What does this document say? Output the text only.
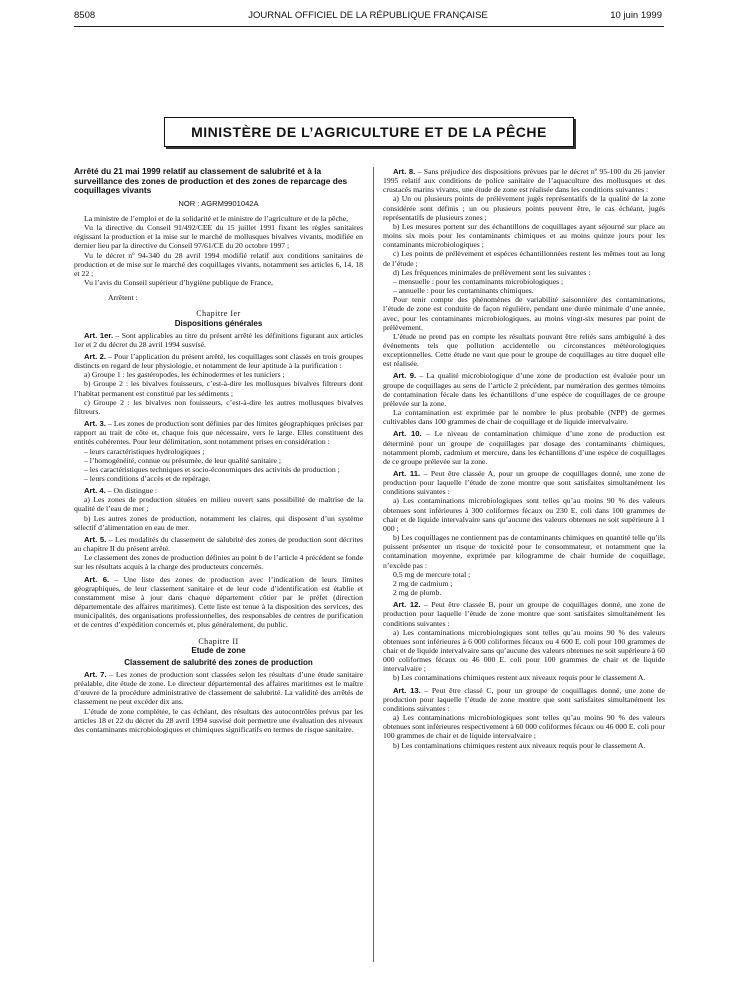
8508	JOURNAL OFFICIEL DE LA RÉPUBLIQUE FRANÇAISE	10 juin 1999
MINISTÈRE DE L’AGRICULTURE ET DE LA PÊCHE

Arrêté du 21 mai 1999 relatif au classement de salubrité et à la surveillance des zones de production et des zones de reparcage des coquillages vivants

NOR : AGRM9901042A

La ministre de l’emploi et de la solidarité et le ministre de l’agriculture et de la pêche,

Vu la directive du Conseil 91/492/CEE du 15 juillet 1991 fixant les règles sanitaires régissant la production et la mise sur le marché de mollusques bivalves vivants, modifiée en dernier lieu par la directive du Conseil 97/61/CE du 20 octobre 1997 ;

Vu le décret nº 94-340 du 28 avril 1994 modifié relatif aux conditions sanitaires de production et de mise sur le marché des coquillages vivants, notamment ses articles 6, 14, 18 et 22 ;

Vu l’avis du Conseil supérieur d’hygiène publique de France,

Arrêtent :

Chapitre Ier

Dispositions générales

Art. 1er. – Sont applicables au titre du présent arrêté les définitions figurant aux articles 1er et 2 du décret du 28 avril 1994 susvisé.

Art. 2. – Pour l’application du présent arrêté, les coquillages sont classés en trois groupes distincts en regard de leur physiologie, et notamment de leur aptitude à la purification :

a) Groupe 1 : les gastéropodes, les échinodermes et les tuniciers ;

b) Groupe 2 : les bivalves fouisseurs, c’est-à-dire les mollusques bivalves filtreurs dont l’habitat permanent est constitué par les sédiments ;

c) Groupe 2 : les bivalves non fouisseurs, c’est-à-dire les autres mollusques bivalves filtreurs.

Art. 3. – Les zones de production sont définies par des limites géographiques précises par rapport au trait de côte et, chaque fois que nécessaire, vers le large. Elles constituent des entités cohérentes. Pour leur délimitation, sont notamment prises en considération :

– leurs caractéristiques hydrologiques ;

– l’homogénéité, connue ou présumée, de leur qualité sanitaire ;

– les caractéristiques techniques et socio-économiques des activités de production ;

– leurs conditions d’accès et de repérage.

Art. 4. – On distingue :

a) Les zones de production situées en milieu ouvert sans possibilité de maîtrise de la qualité de l’eau de mer ;

b) Les autres zones de production, notamment les claires, qui disposent d’un système sélectif d’alimentation en eau de mer.

Art. 5. – Les modalités du classement de salubrité des zones de production sont décrites au chapitre II du présent arrêté.

Le classement des zones de production définies au point b de l’article 4 précédent se fonde sur les résultats acquis à la charge des producteurs concernés.

Art. 6. – Une liste des zones de production avec l’indication de leurs limites géographiques, de leur classement sanitaire et de leur code d’identification est établie et constamment mise à jour dans chaque département côtier par le préfet (direction départementale des affaires maritimes). Cette liste est tenue à la disposition des services, des municipalités, des organisations professionnelles, des responsables de centres de purification et de centres d’expédition concernés et, plus généralement, du public.

Chapitre II

Etude de zone

Classement de salubrité des zones de production

Art. 7. – Les zones de production sont classées selon les résultats d’une étude sanitaire préalable, dite étude de zone. Le directeur départemental des affaires maritimes est le maître d’œuvre de la procédure administrative de classement de salubrité. La validité des arrêtés de classement ne peut excéder dix ans.

L’étude de zone complétée, le cas échéant, des résultats des autocontrôles prévus par les articles 18 et 22 du décret du 28 avril 1994 susvisé doit permettre une évaluation des niveaux des contaminants microbiologiques et chimiques significatifs en termes de risque sanitaire.

Art. 8. – Sans préjudice des dispositions prévues par le décret nº 95-100 du 26 janvier 1995 relatif aux conditions de police sanitaire de l’aquaculture des mollusques et des crustacés marins vivants, une étude de zone est réalisée dans les conditions suivantes :

a) Un ou plusieurs points de prélèvement jugés représentatifs de la qualité de la zone considérée sont définis ; un ou plusieurs points peuvent être, le cas échéant, jugés représentatifs de plusieurs zones ;

b) Les mesures portent sur des échantillons de coquillages ayant séjourné sur place au moins six mois pour les contaminants chimiques et au moins quinze jours pour les contaminants microbiologiques ;

c) Les points de prélèvement et espèces échantillonnées restent les mêmes tout au long de l’étude ;

d) Les fréquences minimales de prélèvement sont les suivantes :

– mensuelle : pour les contaminants microbiologiques ;

– annuelle : pour les contaminants chimiques.

Pour tenir compte des phénomènes de variabilité saisonnière des contaminations, l’étude de zone est conduite de façon régulière, pendant une durée minimale d’une année, avec, pour les contaminants microbiologiques, au moins vingt-six mesures par point de prélèvement.

L’étude ne prend pas en compte les résultats pouvant être reliés sans ambiguïté à des événements tels que pollution accidentelle ou circonstances météorologiques exceptionnelles. Cette étude ne vaut que pour le groupe de coquillages au titre duquel elle est réalisée.

Art. 9. – La qualité microbiologique d’une zone de production est évaluée pour un groupe de coquillages au sens de l’article 2 précédent, par numération des germes témoins de contamination fécale dans les échantillons d’une espèce de coquillages de ce groupe prélevée sur la zone.

La contamination est exprimée par le nombre le plus probable (NPP) de germes cultivables dans 100 grammes de chair de coquillage et de liquide intervalvaire.

Art. 10. – Le niveau de contamination chimique d’une zone de production est déterminé pour un groupe de coquillages par dosage des contaminants chimiques, notamment plomb, cadmium et mercure, dans les échantillons d’une espèce de coquillages de ce groupe prélevée sur la zone.

Art. 11. – Peut être classée A, pour un groupe de coquillages donné, une zone de production pour laquelle l’étude de zone montre que sont satisfaites simultanément les conditions suivantes :

a) Les contaminations microbiologiques sont telles qu’au moins 90 % des valeurs obtenues sont inférieures à 300 coliformes fécaux ou 230 E. coli dans 100 grammes de chair et de liquide intervalvaire sans qu’aucune des valeurs obtenues ne soit supérieure à 1 000 ;

b) Les coquillages ne contiennent pas de contaminants chimiques en quantité telle qu’ils puissent présenter un risque de toxicité pour le consommateur, et notamment que la contamination moyenne, exprimée par kilogramme de chair humide de coquillage, n’excède pas :

0,5 mg de mercure total ;

2 mg de cadmium ;

2 mg de plomb.

Art. 12. – Peut être classée B, pour un groupe de coquillages donné, une zone de production pour laquelle l’étude de zone montre que sont satisfaites simultanément les conditions suivantes :

a) Les contaminations microbiologiques sont telles qu’au moins 90 % des valeurs obtenues sont inférieures à 6 000 coliformes fécaux ou 4 600 E. coli pour 100 grammes de chair et de liquide intervalvaire sans qu’aucune des valeurs obtenues ne soit supérieure à 60 000 coliformes fécaux ou 46 000 E. coli pour 100 grammes de chair et de liquide intervalvaire ;

b) Les contaminations chimiques restent aux niveaux requis pour le classement A.

Art. 13. – Peut être classé C, pour un groupe de coquillages donné, une zone de production pour laquelle l’étude de zone montre que sont satisfaites simultanément les conditions suivantes :

a) Les contaminations microbiologiques sont telles qu’au moins 90 % des valeurs obtenues sont inférieures respectivement à 60 000 coliformes fécaux ou 46 000 E. coli pour 100 grammes de chair et de liquide intervalvaire ;

b) Les contaminations chimiques restent aux niveaux requis pour le classement A.
